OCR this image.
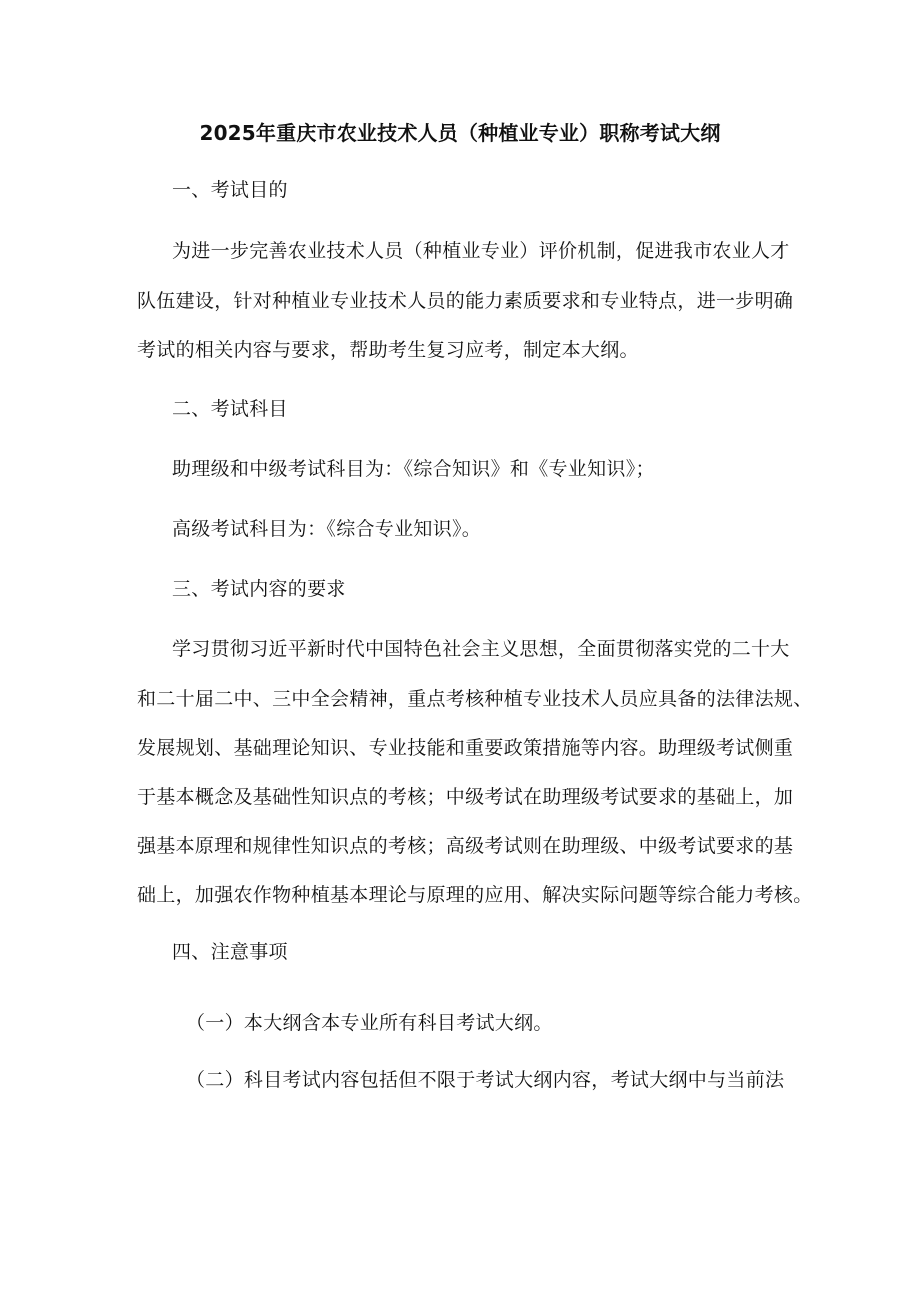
2025年重庆市农业技术人员（种植业专业）职称考试大纲
一、考试目的
为进一步完善农业技术人员（种植业专业）评价机制，促进我市农业人才
队伍建设，针对种植业专业技术人员的能力素质要求和专业特点，进一步明确
考试的相关内容与要求，帮助考生复习应考，制定本大纲。
二、考试科目
助理级和中级考试科目为：《综合知识》和《专业知识》；
高级考试科目为：《综合专业知识》。
三、考试内容的要求
学习贯彻习近平新时代中国特色社会主义思想，全面贯彻落实党的二十大
和二十届二中、三中全会精神，重点考核种植专业技术人员应具备的法律法规、
发展规划、基础理论知识、专业技能和重要政策措施等内容。助理级考试侧重
于基本概念及基础性知识点的考核；中级考试在助理级考试要求的基础上，加
强基本原理和规律性知识点的考核；高级考试则在助理级、中级考试要求的基
础上，加强农作物种植基本理论与原理的应用、解决实际问题等综合能力考核。
四、注意事项
（一）本大纲含本专业所有科目考试大纲。
（二）科目考试内容包括但不限于考试大纲内容，考试大纲中与当前法
